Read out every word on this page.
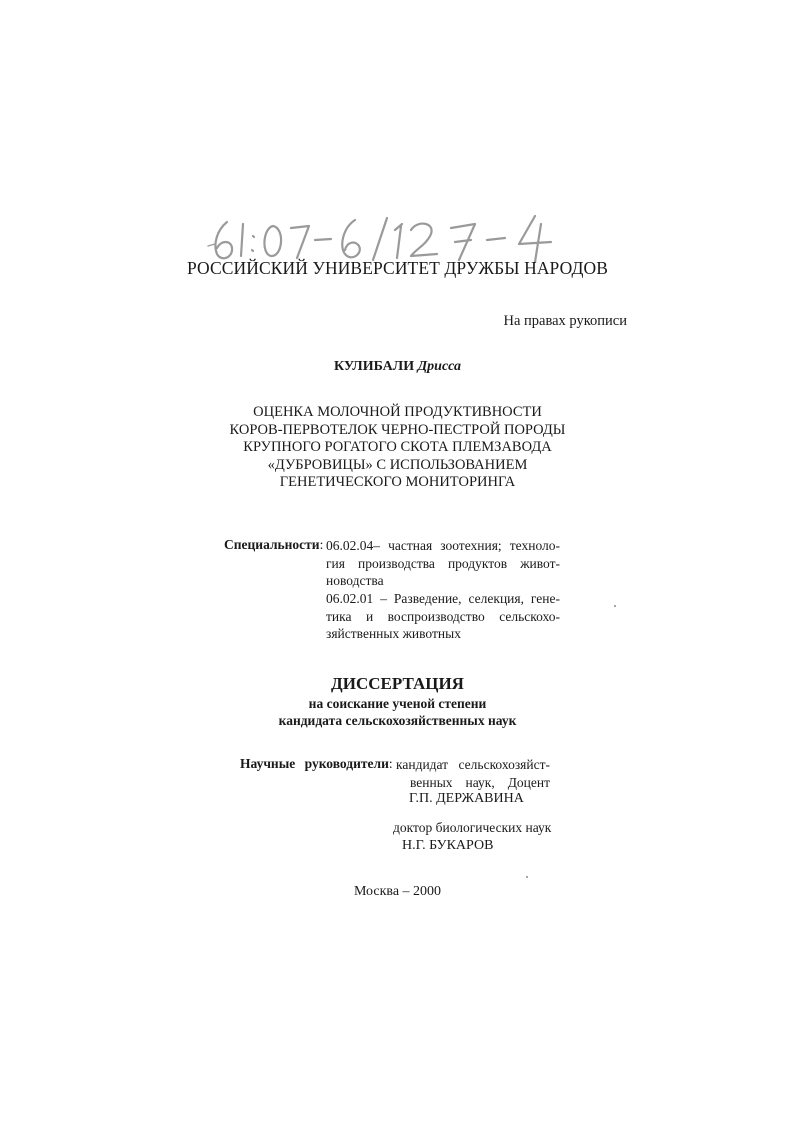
РОССИЙСКИЙ УНИВЕРСИТЕТ ДРУЖБЫ НАРОДОВ
На правах рукописи
КУЛИБАЛИ Дрисса
ОЦЕНКА МОЛОЧНОЙ ПРОДУКТИВНОСТИ
КОРОВ-ПЕРВОТЕЛОК ЧЕРНО-ПЕСТРОЙ ПОРОДЫ
КРУПНОГО РОГАТОГО СКОТА ПЛЕМЗАВОДА
«ДУБРОВИЦЫ» С ИСПОЛЬЗОВАНИЕМ
ГЕНЕТИЧЕСКОГО МОНИТОРИНГА
Специальности: 06.02.04– частная зоотехния; техноло-
гия производства продуктов живот-
новодства
06.02.01 – Разведение, селекция, гене-
тика и воспроизводство сельскохо-
зяйственных животных
ДИССЕРТАЦИЯ
на соискание ученой степени
кандидата сельскохозяйственных наук
Научные руководители: кандидат сельскохозяйст-
венных наук, Доцент
Г.П. ДЕРЖАВИНА
доктор биологических наук
Н.Г. БУКАРОВ
Москва – 2000
